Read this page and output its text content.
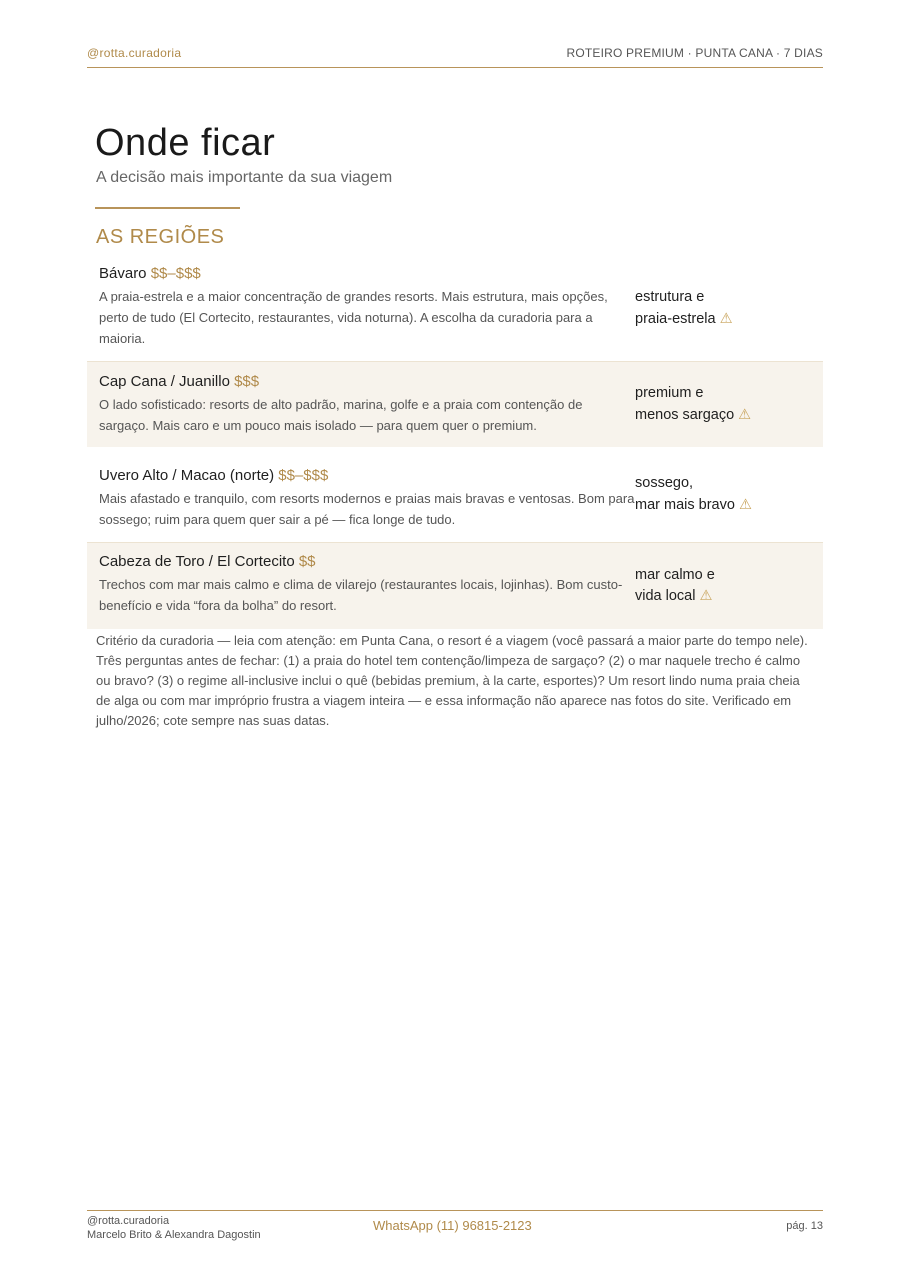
@rotta.curadoria	ROTEIRO PREMIUM · PUNTA CANA · 7 DIAS
Onde ficar

A decisão mais importante da sua viagem

AS REGIÕES
Bávaro $$–$$$
A praia-estrela e a maior concentração de grandes resorts. Mais estrutura, mais opções, perto de tudo (El Cortecito, restaurantes, vida noturna). A escolha da curadoria para a maioria.
estrutura e
praia-estrela ⚠
Cap Cana / Juanillo $$$
O lado sofisticado: resorts de alto padrão, marina, golfe e a praia com contenção de sargaço. Mais caro e um pouco mais isolado — para quem quer o premium.
premium e
menos sargaço ⚠
Uvero Alto / Macao (norte) $$–$$$
Mais afastado e tranquilo, com resorts modernos e praias mais bravas e ventosas. Bom para sossego; ruim para quem quer sair a pé — fica longe de tudo.
sossego,
mar mais bravo ⚠
Cabeza de Toro / El Cortecito $$
Trechos com mar mais calmo e clima de vilarejo (restaurantes locais, lojinhas). Bom custo-benefício e vida “fora da bolha” do resort.
mar calmo e
vida local ⚠

Critério da curadoria — leia com atenção: em Punta Cana, o resort é a viagem (você passará a maior parte do tempo nele). Três perguntas antes de fechar: (1) a praia do hotel tem contenção/limpeza de sargaço? (2) o mar naquele trecho é calmo ou bravo? (3) o regime all-inclusive inclui o quê (bebidas premium, à la carte, esportes)? Um resort lindo numa praia cheia de alga ou com mar impróprio frustra a viagem inteira — e essa informação não aparece nas fotos do site. Verificado em julho/2026; cote sempre nas suas datas.

@rotta.curadoria
Marcelo Brito & Alexandra Dagostin
WhatsApp (11) 96815-2123	pág. 13
